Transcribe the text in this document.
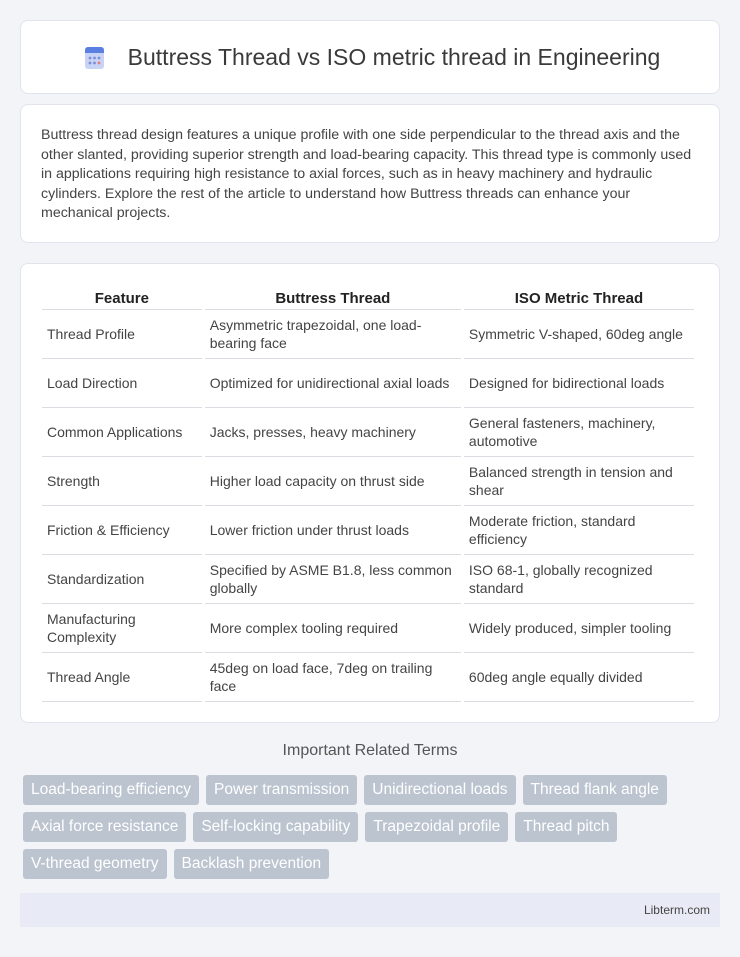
Buttress Thread vs ISO metric thread in Engineering

Buttress thread design features a unique profile with one side perpendicular to the thread axis and the other slanted, providing superior strength and load-bearing capacity. This thread type is commonly used in applications requiring high resistance to axial forces, such as in heavy machinery and hydraulic cylinders. Explore the rest of the article to understand how Buttress threads can enhance your mechanical projects.

Feature	Buttress Thread	ISO Metric Thread
Thread Profile	Asymmetric trapezoidal, one load-bearing face	Symmetric V-shaped, 60deg angle
Load Direction	Optimized for unidirectional axial loads	Designed for bidirectional loads
Common Applications	Jacks, presses, heavy machinery	General fasteners, machinery, automotive
Strength	Higher load capacity on thrust side	Balanced strength in tension and shear
Friction & Efficiency	Lower friction under thrust loads	Moderate friction, standard efficiency
Standardization	Specified by ASME B1.8, less common globally	ISO 68-1, globally recognized standard
Manufacturing Complexity	More complex tooling required	Widely produced, simpler tooling
Thread Angle	45deg on load face, 7deg on trailing face	60deg angle equally divided
Important Related Terms
Load-bearing efficiency	Power transmission	Unidirectional loads	Thread flank angle
Axial force resistance	Self-locking capability	Trapezoidal profile	Thread pitch
V-thread geometry	Backlash prevention
Libterm.com
